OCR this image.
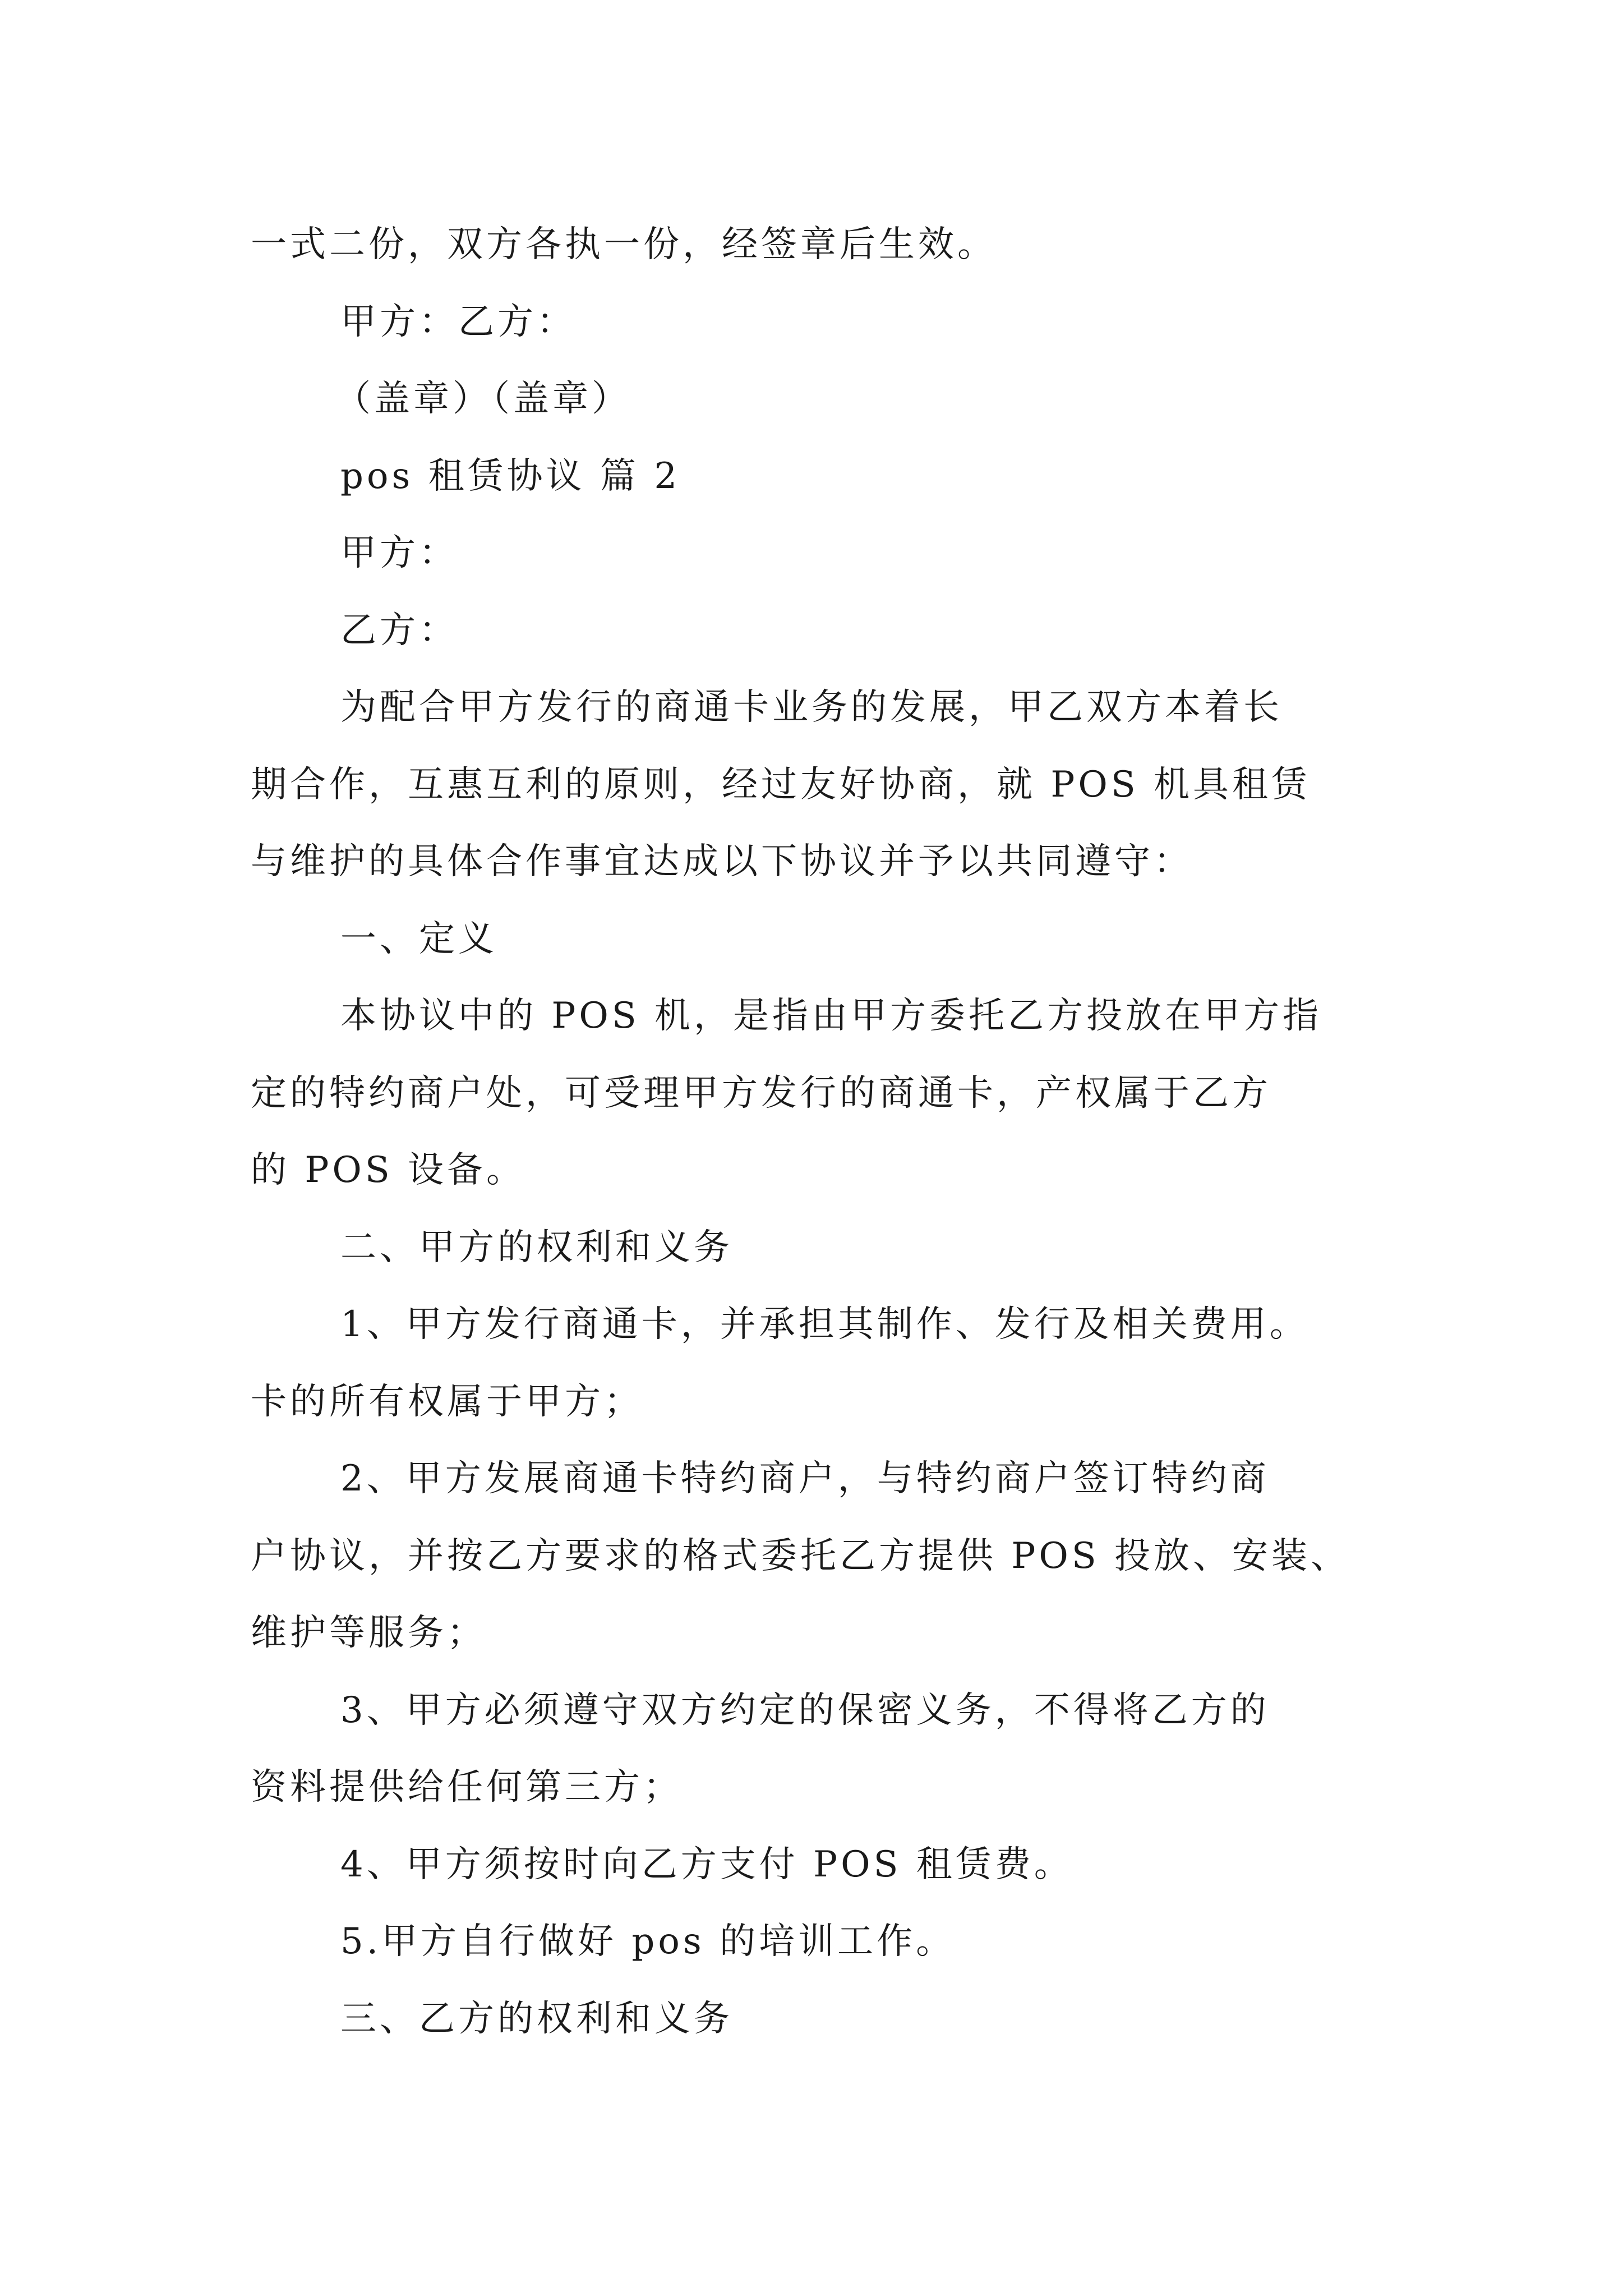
一式二份，双方各执一份，经签章后生效。
甲方：乙方：
（盖章）（盖章）
pos 租赁协议 篇 2
甲方：
乙方：
为配合甲方发行的商通卡业务的发展，甲乙双方本着长
期合作，互惠互利的原则，经过友好协商，就 POS 机具租赁
与维护的具体合作事宜达成以下协议并予以共同遵守：
一、定义
本协议中的 POS 机，是指由甲方委托乙方投放在甲方指
定的特约商户处，可受理甲方发行的商通卡，产权属于乙方
的 POS 设备。
二、甲方的权利和义务
1、甲方发行商通卡，并承担其制作、发行及相关费用。
卡的所有权属于甲方；
2、甲方发展商通卡特约商户，与特约商户签订特约商
户协议，并按乙方要求的格式委托乙方提供 POS 投放、安装、
维护等服务；
3、甲方必须遵守双方约定的保密义务，不得将乙方的
资料提供给任何第三方；
4、甲方须按时向乙方支付 POS 租赁费。
5.甲方自行做好 pos 的培训工作。
三、乙方的权利和义务
